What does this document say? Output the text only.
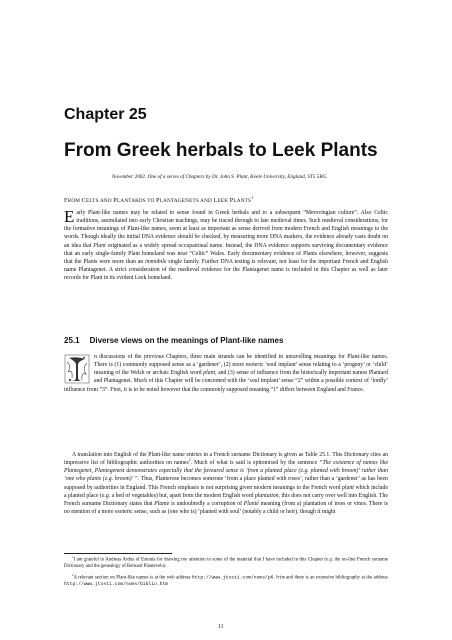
Chapter 25
From Greek herbals to Leek Plants
November 2002. One of a series of Chapters by Dr. John S. Plant, Keele University, England, ST5 5BG.
FROM CELTS AND PLANTARDS TO PLANTAGENETS AND LEEK PLANTS$^1$

Early Plant-like names may be related to sense found in Greek herbals and to a subsequent “Merovingian culture”. Also Celtic traditions, assimilated into early Christian teachings, may be traced through to late medieval times. Such medieval considerations, for the formative meanings of Plant-like names, seem at least as important as sense derived from modern French and English meanings to the words. Though ideally the initial DNA evidence should be checked, by measuring more DNA markers, the evidence already casts doubt on an idea that Plant originated as a widely spread occupational name. Instead, the DNA evidence supports surviving documentary evidence that an early single-family Plant homeland was near “Celtic” Wales. Early documentary evidence of Plants elsewhere, however, suggests that the Plants were more than an immobile single family. Further DNA testing is relevant, not least for the important French and English name Plantagenet. A strict consideration of the medieval evidence for the Plantagenet name is included in this Chapter as well as later records for Plant in its evident Leek homeland.

25.1 Diverse views on the meanings of Plant-like names

n discussions of the previous Chapters, three main strands can be identified in unravelling meanings for Plant-like names. There is (1) commonly supposed sense as a ‘gardener’, (2) more esoteric ‘soul implant’ sense relating to a ‘progeny’ or ‘child’ meaning of the Welsh or archaic English word plant, and (3) sense of influence from the historically important names Plantard and Plantagenet. Much of this Chapter will be concerned with the ‘soul implant’ sense “2” within a possible context of ‘lordly’ influence from “3”. First, it is to be noted however that the commonly supposed meaning “1” differs between England and France.

A translation into English of the Plant-like name entries in a French surname Dictionary is given as Table 25.1. This Dictionary cites an impressive list of bibliographic authorities on names$^2$. Much of what is said is epitomised by the sentence “The existence of names like Plantegenet, Plantegenest demonstrates especially that the favoured sense is ‘from a planted place (e.g. planted with broom)’ rather than ‘one who plants (e.g. broom)’ ”. Thus, Planterose becomes someone ‘from a place planted with roses’, rather than a ‘gardener’ as has been supposed by authorities in England. This French emphasis is not surprising given modern meanings to the French word plant which include a planted place (e.g. a bed of vegetables) but, apart from the modern English word plantation, this does not carry over well into English. The French surname Dictionary states that Plante is undoubtedly a corruption of Planté meaning (from a) plantation of trees or vines. There is no mention of a more esoteric sense, such as (one who is) ‘planted with soul’ (notably a child or heir), though it might

$^1$I am grateful to Andreas Ardus of Estonia for drawing my attention to some of the material that I have included in this Chapter (e.g. the on-line French surname Dictionary and the genealogy of Bernard Plantevelu).

$^2$A relevant section on Plant-like names is at the web address http://www.jtosti.com/noms/p6.htm and there is an extensive bibliography at the address http://www.jtosti.com/noms/biblio.htm

11
